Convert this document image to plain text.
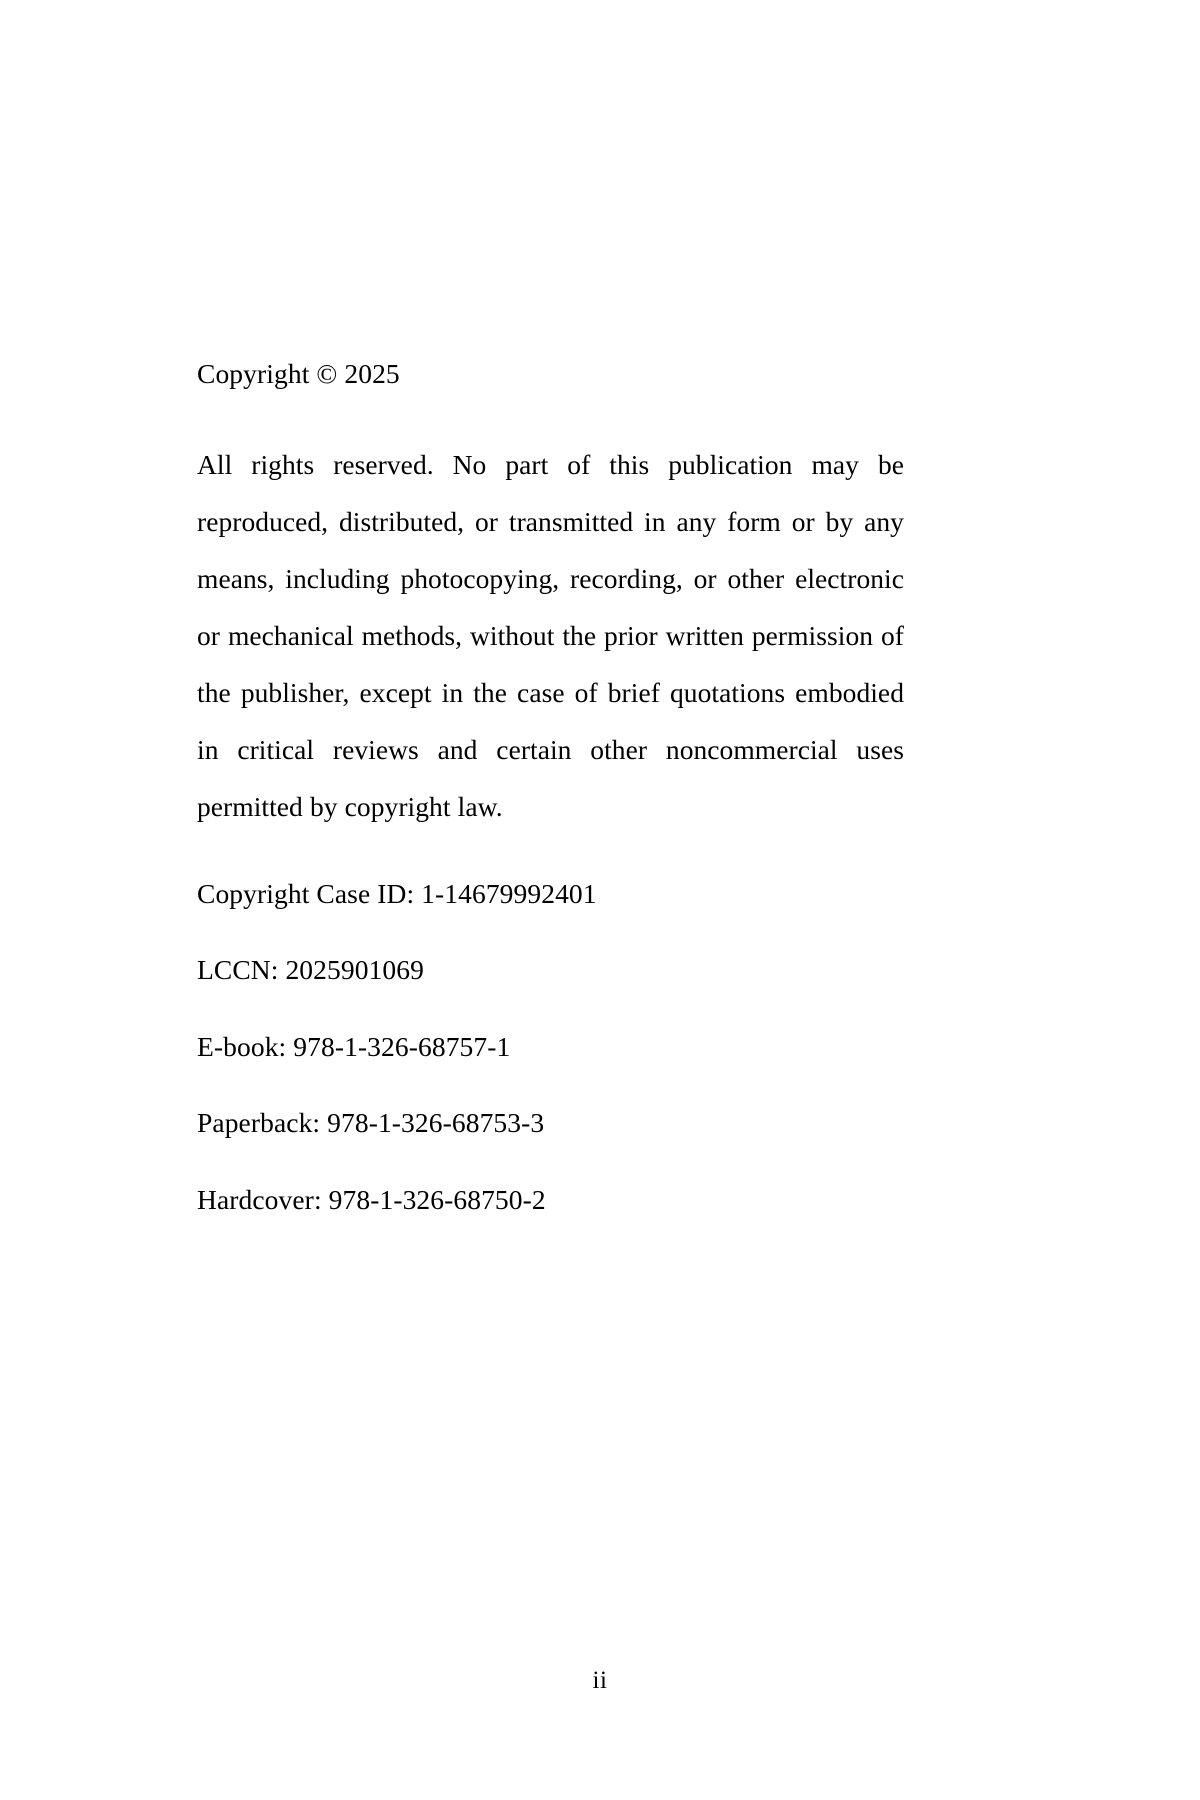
Copyright © 2025

All rights reserved. No part of this publication may be reproduced, distributed, or transmitted in any form or by any means, including photocopying, recording, or other electronic or mechanical methods, without the prior written permission of the publisher, except in the case of brief quotations embodied in critical reviews and certain other noncommercial uses permitted by copyright law.

Copyright Case ID: 1-14679992401
LCCN: 2025901069
E-book: 978-1-326-68757-1
Paperback: 978-1-326-68753-3
Hardcover: 978-1-326-68750-2
ii
